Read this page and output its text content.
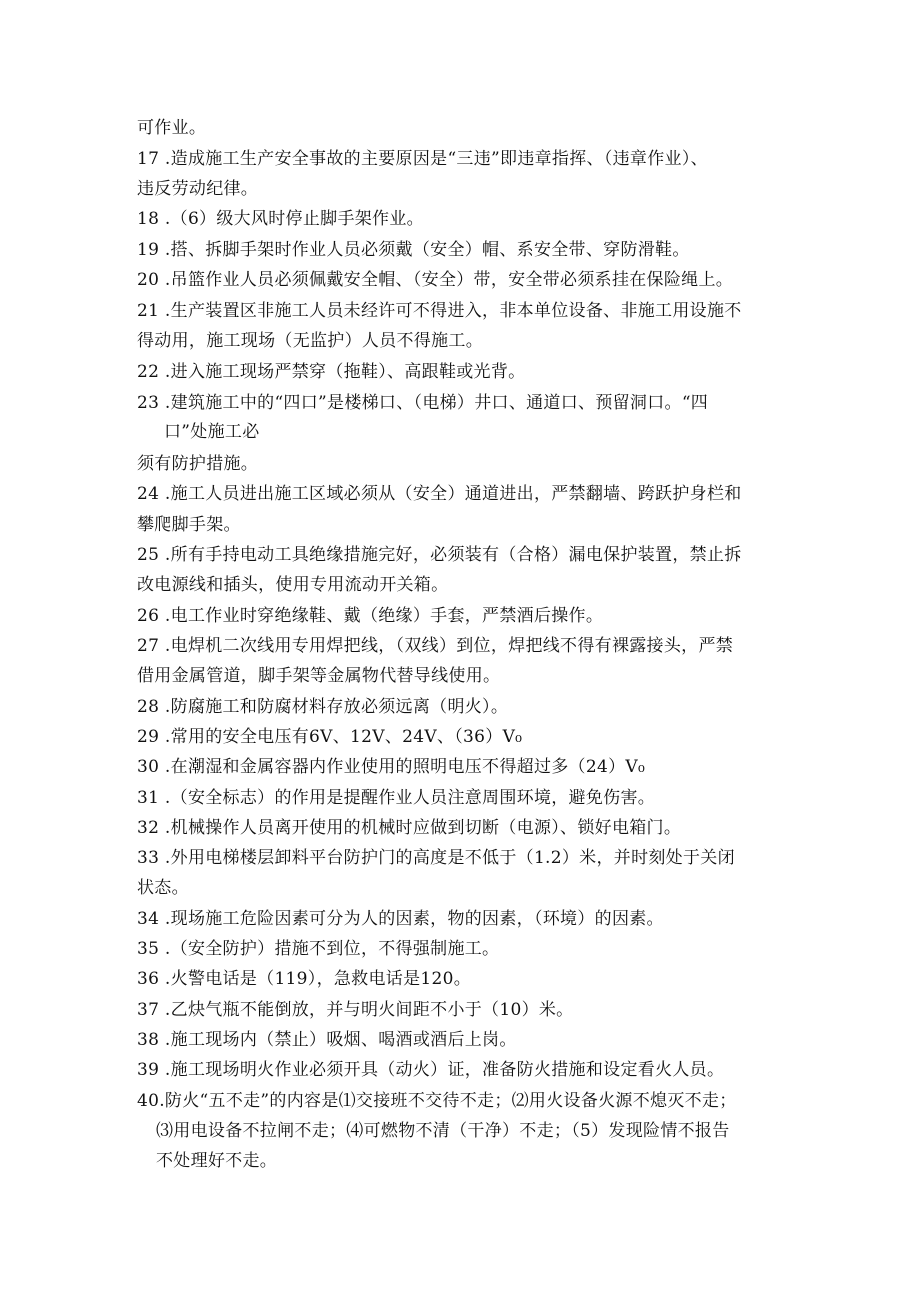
可作业。
17 .造成施工生产安全事故的主要原因是“三违”即违章指挥、（违章作业）、
违反劳动纪律。
18 .（6）级大风时停止脚手架作业。
19 .搭、拆脚手架时作业人员必须戴（安全）帽、系安全带、穿防滑鞋。
20 .吊篮作业人员必须佩戴安全帽、（安全）带，安全带必须系挂在保险绳上。
21 .生产装置区非施工人员未经许可不得进入，非本单位设备、非施工用设施不
得动用，施工现场（无监护）人员不得施工。
22 .进入施工现场严禁穿（拖鞋）、高跟鞋或光背。
23 .建筑施工中的“四口”是楼梯口、（电梯）井口、通道口、预留洞口。“四
口”处施工必
须有防护措施。
24 .施工人员进出施工区域必须从（安全）通道进出，严禁翻墙、跨跃护身栏和
攀爬脚手架。
25 .所有手持电动工具绝缘措施完好，必须装有（合格）漏电保护装置，禁止拆
改电源线和插头，使用专用流动开关箱。
26 .电工作业时穿绝缘鞋、戴（绝缘）手套，严禁酒后操作。
27 .电焊机二次线用专用焊把线，（双线）到位，焊把线不得有裸露接头，严禁
借用金属管道，脚手架等金属物代替导线使用。
28 .防腐施工和防腐材料存放必须远离（明火）。
29 .常用的安全电压有6V、12V、24V、（36）V₀
30 .在潮湿和金属容器内作业使用的照明电压不得超过多（24）V₀
31 .（安全标志）的作用是提醒作业人员注意周围环境，避免伤害。
32 .机械操作人员离开使用的机械时应做到切断（电源）、锁好电箱门。
33 .外用电梯楼层卸料平台防护门的高度是不低于（1.2）米，并时刻处于关闭
状态。
34 .现场施工危险因素可分为人的因素，物的因素，（环境）的因素。
35 .（安全防护）措施不到位，不得强制施工。
36 .火警电话是（119），急救电话是120。
37 .乙炔气瓶不能倒放，并与明火间距不小于（10）米。
38 .施工现场内（禁止）吸烟、喝酒或酒后上岗。
39 .施工现场明火作业必须开具（动火）证，准备防火措施和设定看火人员。
40.防火“五不走”的内容是⑴交接班不交待不走；⑵用火设备火源不熄灭不走；
⑶用电设备不拉闸不走；⑷可燃物不清（干净）不走；（5）发现险情不报告
不处理好不走。
